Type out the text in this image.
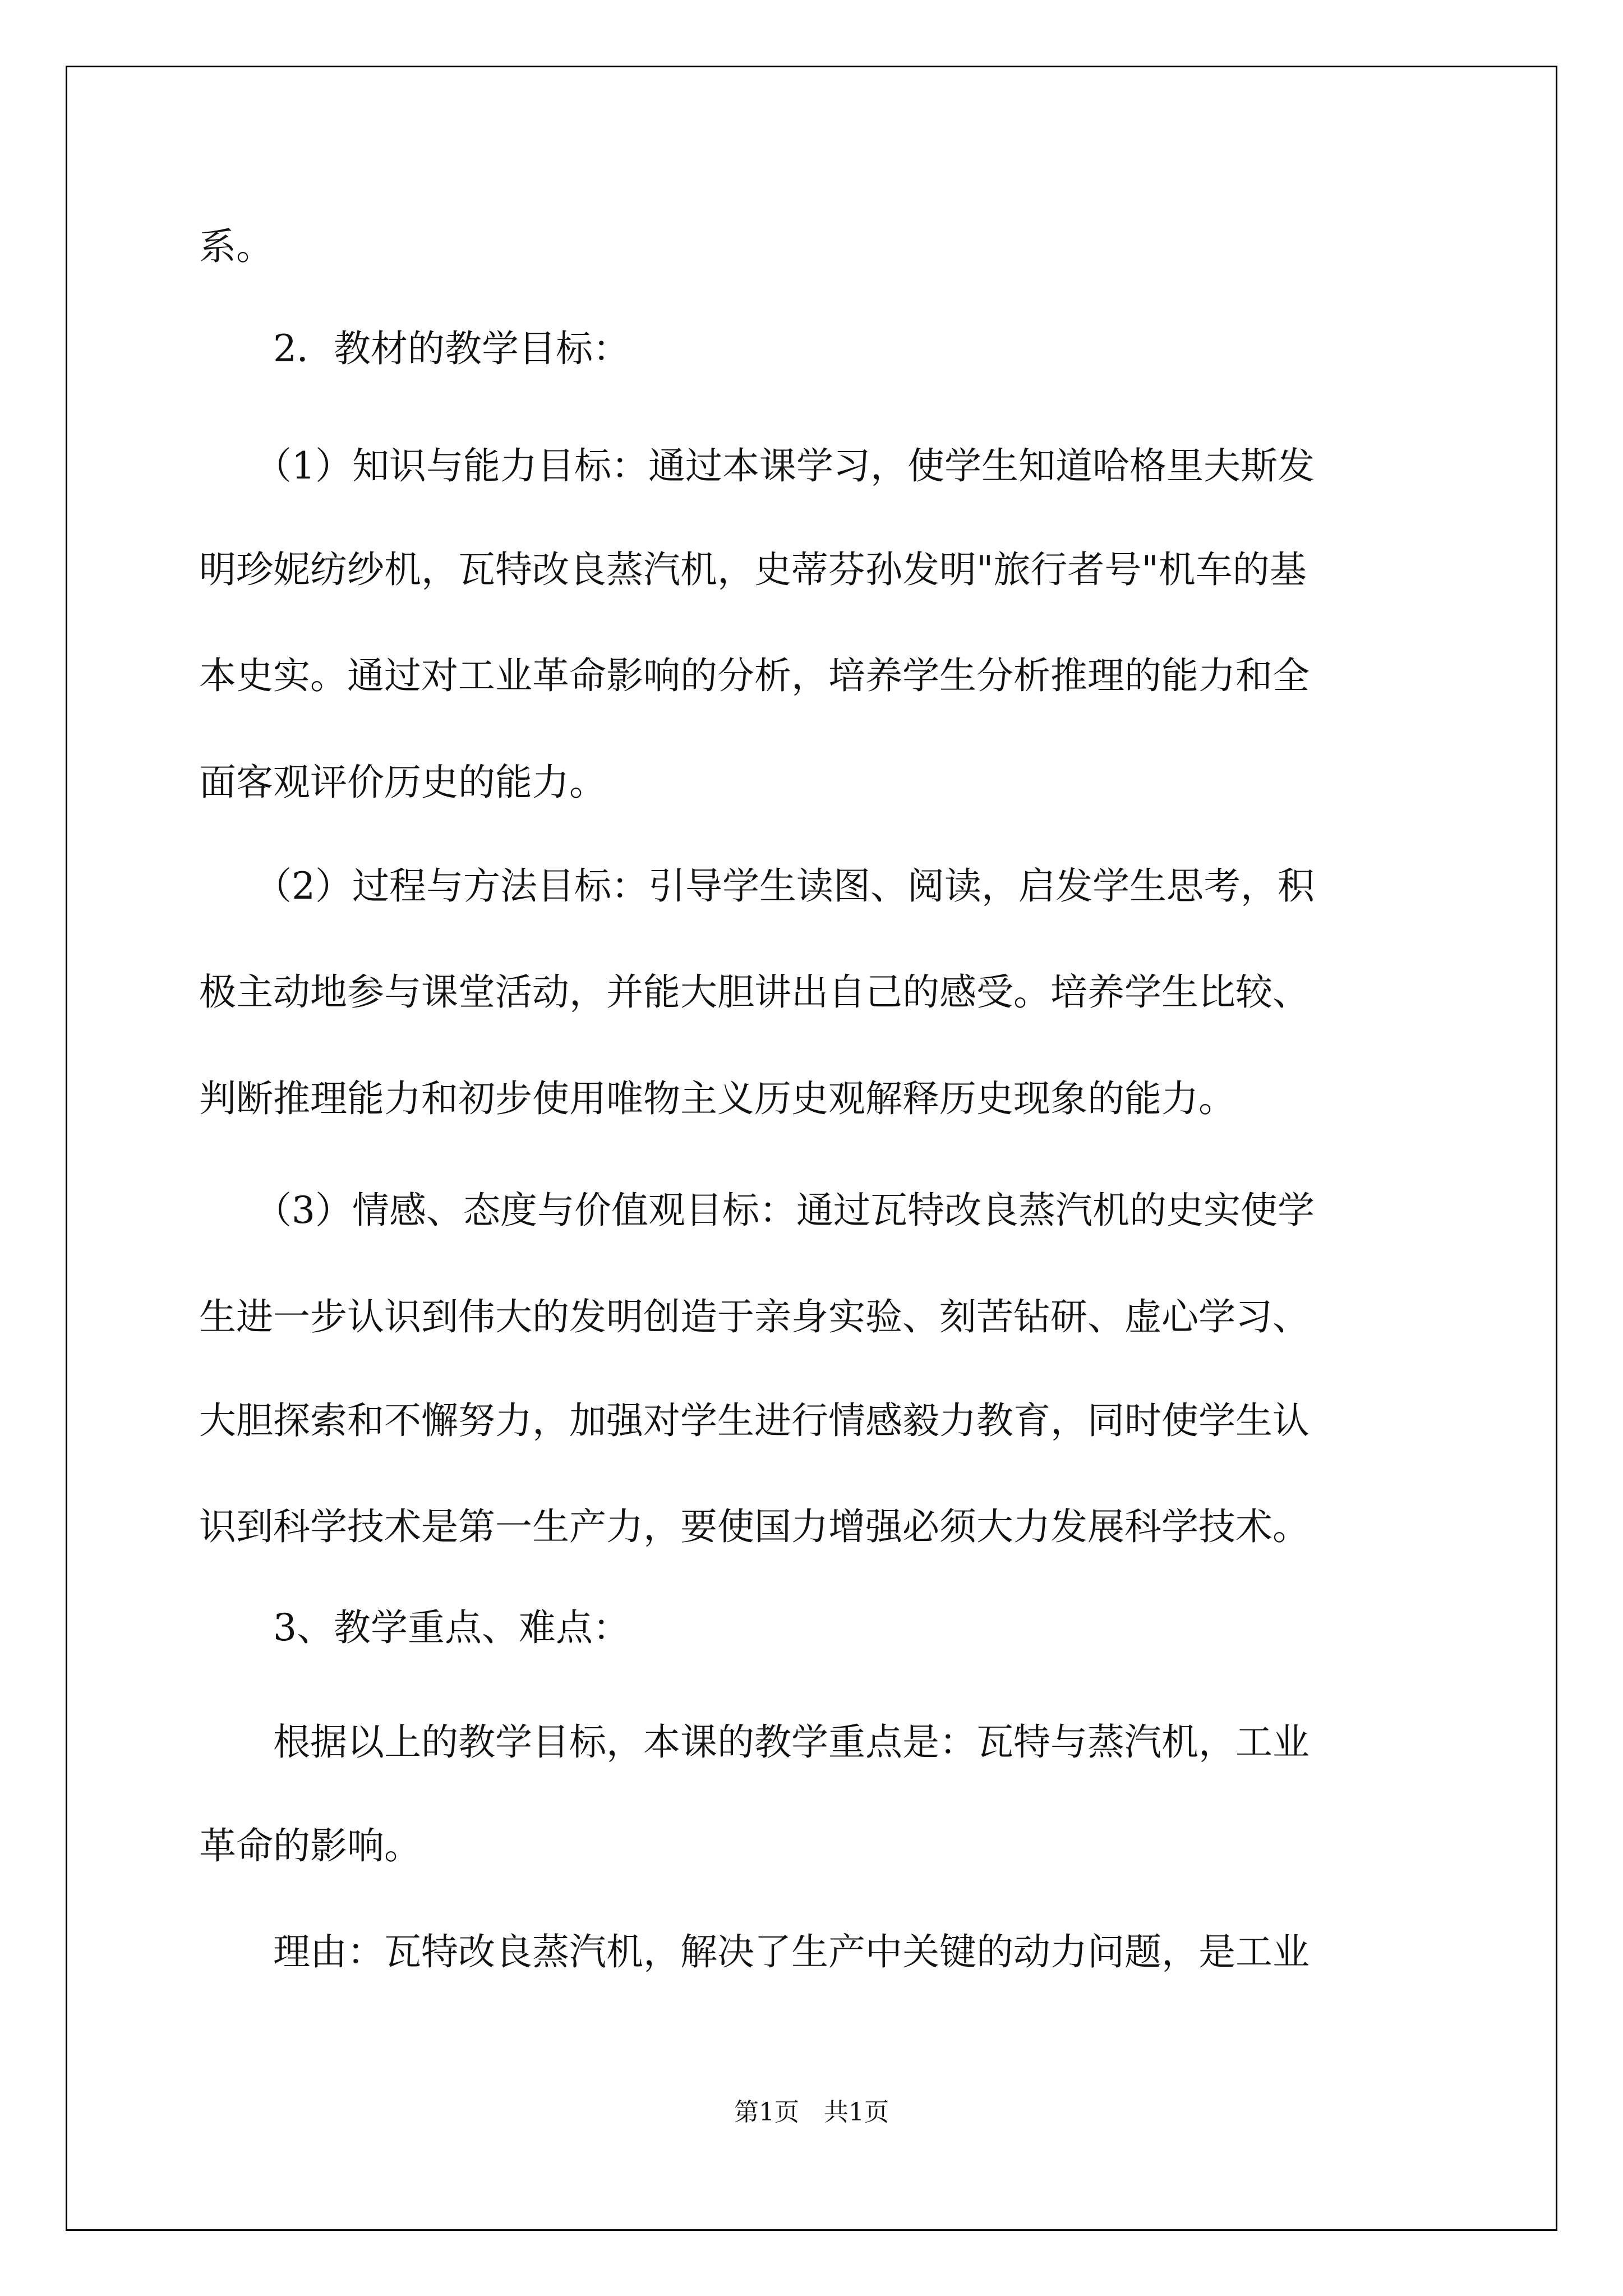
系。

　　2．教材的教学目标：

　　（1）知识与能力目标：通过本课学习，使学生知道哈格里夫斯发

明珍妮纺纱机，瓦特改良蒸汽机，史蒂芬孙发明"旅行者号"机车的基

本史实。通过对工业革命影响的分析，培养学生分析推理的能力和全

面客观评价历史的能力。

　　（2）过程与方法目标：引导学生读图、阅读，启发学生思考，积

极主动地参与课堂活动，并能大胆讲出自己的感受。培养学生比较、

判断推理能力和初步使用唯物主义历史观解释历史现象的能力。

　　（3）情感、态度与价值观目标：通过瓦特改良蒸汽机的史实使学

生进一步认识到伟大的发明创造于亲身实验、刻苦钻研、虚心学习、

大胆探索和不懈努力，加强对学生进行情感毅力教育，同时使学生认

识到科学技术是第一生产力，要使国力增强必须大力发展科学技术。

　　3、教学重点、难点：

　　根据以上的教学目标，本课的教学重点是：瓦特与蒸汽机，工业

革命的影响。

　　理由：瓦特改良蒸汽机，解决了生产中关键的动力问题，是工业

第1页　共1页
